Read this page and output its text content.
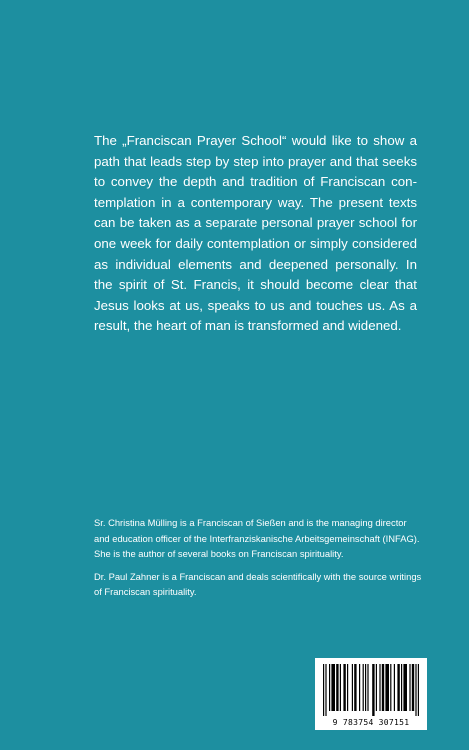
The „Franciscan Prayer School“ would like to show a path that leads step by step into prayer and that seeks to convey the depth and tradition of Franciscan contemplation in a contemporary way. The present texts can be taken as a separate personal prayer school for one week for daily contemplation or simply considered as individual elements and deepened personally. In the spirit of St. Francis, it should become clear that Jesus looks at us, speaks to us and touches us. As a result, the heart of man is transformed and widened.

Sr. Christina Mülling is a Franciscan of Sießen and is the managing director and education officer of the Interfranziskanische Arbeitsgemeinschaft (INFAG). She is the author of several books on Franciscan spirituality.

Dr. Paul Zahner is a Franciscan and deals scientifically with the source writings of Franciscan spirituality.

9 783754 307151
